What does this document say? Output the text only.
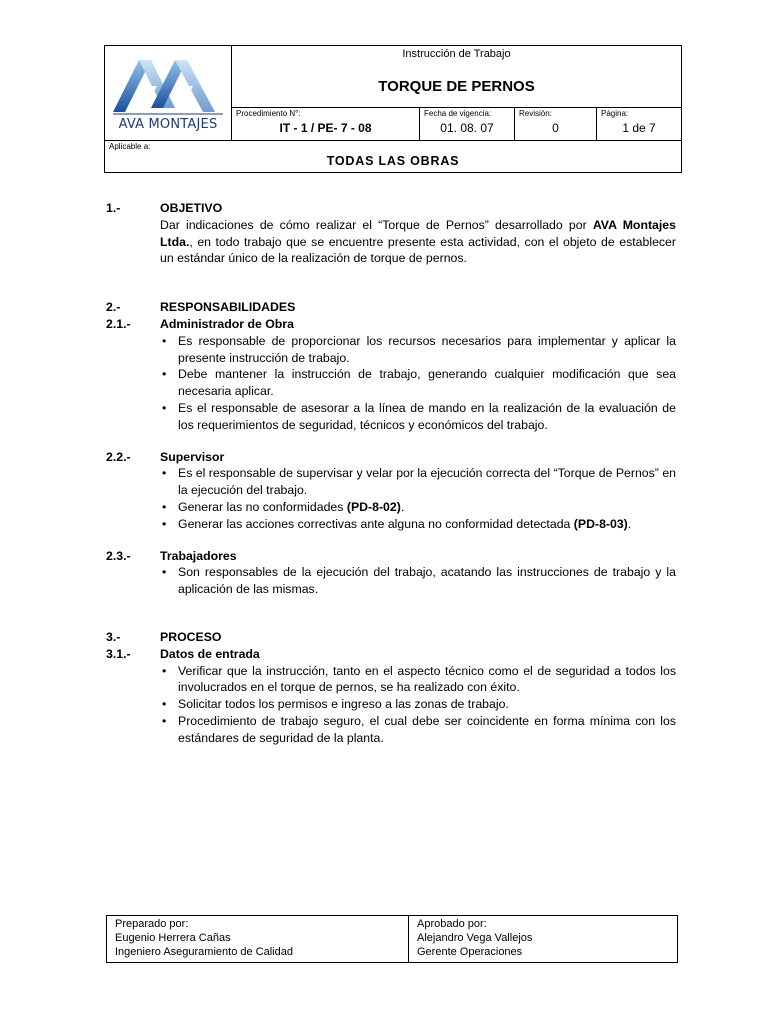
AVA MONTAJES
Instrucción de Trabajo
TORQUE DE PERNOS
Procedimiento N°:
IT - 1 / PE- 7 - 08
Fecha de vigencia:
01. 08. 07
Revisión:
0
Página:
1 de 7
Aplicable a:
TODAS LAS OBRAS
1.-	OBJETIVO
Dar indicaciones de cómo realizar el “Torque de Pernos” desarrollado por AVA Montajes Ltda., en todo trabajo que se encuentre presente esta actividad, con el objeto de establecer un estándar único de la realización de torque de pernos.
2.-	RESPONSABILIDADES
2.1.- Administrador de Obra
• Es responsable de proporcionar los recursos necesarios para implementar y aplicar la presente instrucción de trabajo.
• Debe mantener la instrucción de trabajo, generando cualquier modificación que sea necesaria aplicar.
• Es el responsable de asesorar a la línea de mando en la realización de la evaluación de los requerimientos de seguridad, técnicos y económicos del trabajo.
2.2.- Supervisor
• Es el responsable de supervisar y velar por la ejecución correcta del “Torque de Pernos” en la ejecución del trabajo.
• Generar las no conformidades (PD-8-02).
• Generar las acciones correctivas ante alguna no conformidad detectada (PD-8-03).
2.3.- Trabajadores
• Son responsables de la ejecución del trabajo, acatando las instrucciones de trabajo y la aplicación de las mismas.
3.-	PROCESO
3.1.- Datos de entrada
• Verificar que la instrucción, tanto en el aspecto técnico como el de seguridad a todos los involucrados en el torque de pernos, se ha realizado con éxito.
• Solicitar todos los permisos e ingreso a las zonas de trabajo.
• Procedimiento de trabajo seguro, el cual debe ser coincidente en forma mínima con los estándares de seguridad de la planta.
Preparado por:
Eugenio Herrera Cañas
Ingeniero Aseguramiento de Calidad
Aprobado por:
Alejandro Vega Vallejos
Gerente Operaciones
